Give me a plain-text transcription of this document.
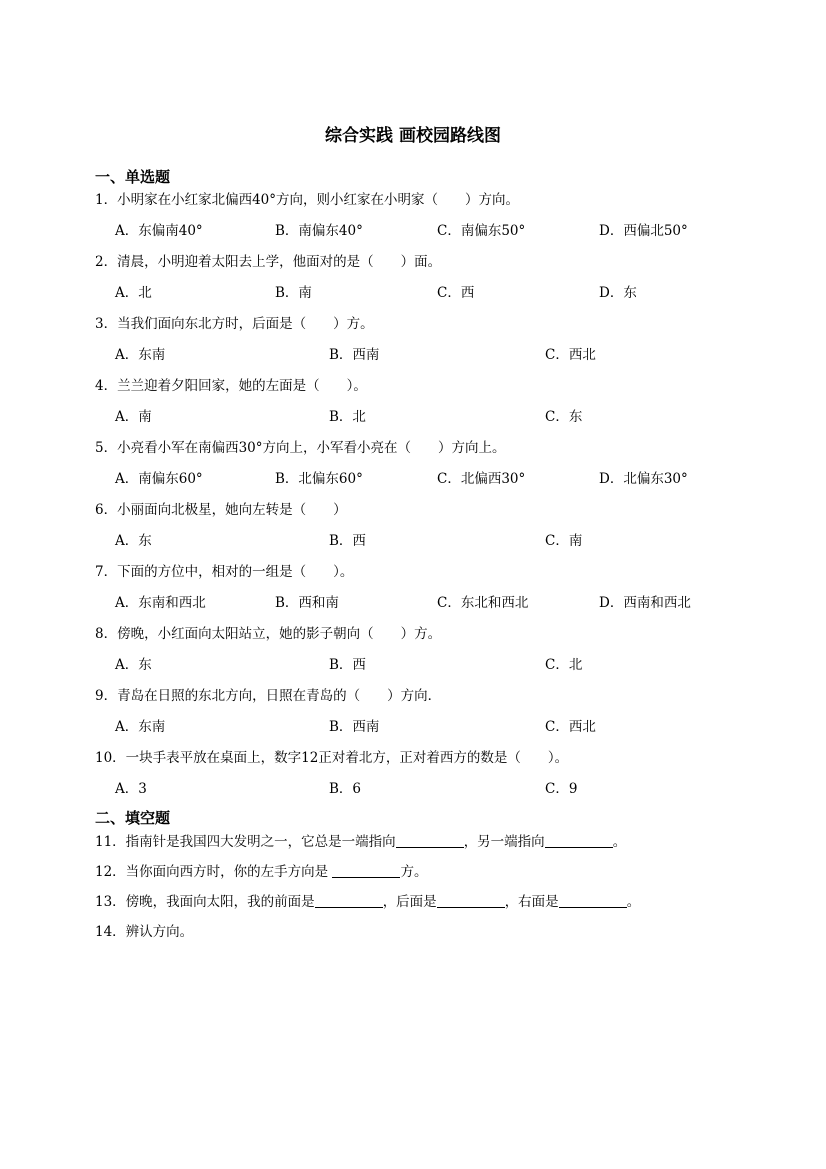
综合实践 画校园路线图
一、单选题
1．小明家在小红家北偏西40°方向，则小红家在小明家（　　）方向。
A．东偏南40°	B．南偏东40°	C．南偏东50°	D．西偏北50°
2．清晨，小明迎着太阳去上学，他面对的是（　　）面。
A．北	B．南	C．西	D．东
3．当我们面向东北方时，后面是（　　）方。
A．东南	B．西南	C．西北
4．兰兰迎着夕阳回家，她的左面是（　　）。
A．南	B．北	C．东
5．小亮看小军在南偏西30°方向上，小军看小亮在（　　）方向上。
A．南偏东60°	B．北偏东60°	C．北偏西30°	D．北偏东30°
6．小丽面向北极星，她向左转是（　　）
A．东	B．西	C．南
7．下面的方位中，相对的一组是（　　）。
A．东南和西北	B．西和南	C．东北和西北	D．西南和西北
8．傍晚，小红面向太阳站立，她的影子朝向（　　）方。
A．东	B．西	C．北
9．青岛在日照的东北方向，日照在青岛的（　　）方向．
A．东南	B．西南	C．西北
10．一块手表平放在桌面上，数字12正对着北方，正对着西方的数是（　　）。
A．3	B．6	C．9
二、填空题
11．指南针是我国四大发明之一，它总是一端指向	，另一端指向	。
12．当你面向西方时，你的左手方向是	方。
13．傍晚，我面向太阳，我的前面是	，后面是	，右面是	。
14．辨认方向。
